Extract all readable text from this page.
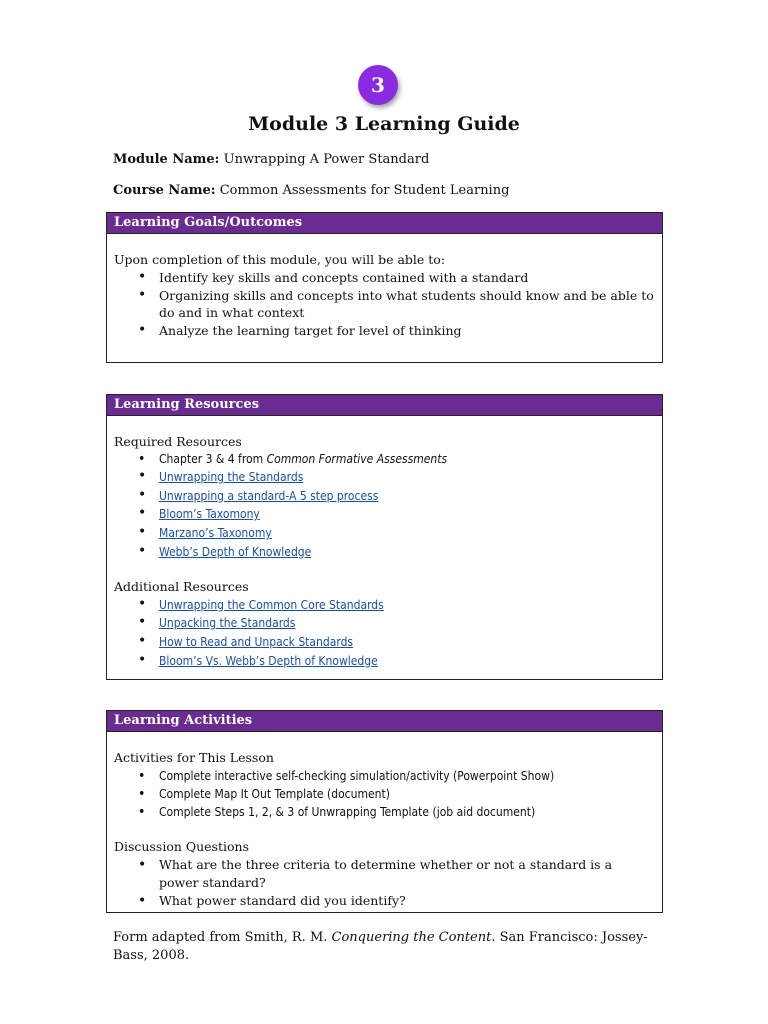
3
Module 3 Learning Guide
Module Name: Unwrapping A Power Standard
Course Name: Common Assessments for Student Learning
Learning Goals/Outcomes

Upon completion of this module, you will be able to:

• Identify key skills and concepts contained with a standard
• Organizing skills and concepts into what students should know and be able to do and in what context
• Analyze the learning target for level of thinking
Learning Resources

Required Resources

• Chapter 3 & 4 from Common Formative Assessments
• Unwrapping the Standards
• Unwrapping a standard-A 5 step process
• Bloom’s Taxomony
• Marzano’s Taxonomy
• Webb’s Depth of Knowledge

Additional Resources

• Unwrapping the Common Core Standards
• Unpacking the Standards
• How to Read and Unpack Standards
• Bloom’s Vs. Webb’s Depth of Knowledge
Learning Activities

Activities for This Lesson

• Complete interactive self-checking simulation/activity (Powerpoint Show)
• Complete Map It Out Template (document)
• Complete Steps 1, 2, & 3 of Unwrapping Template (job aid document)

Discussion Questions

• What are the three criteria to determine whether or not a standard is a power standard?
• What power standard did you identify?
Form adapted from Smith, R. M. Conquering the Content. San Francisco: Jossey-Bass, 2008.
